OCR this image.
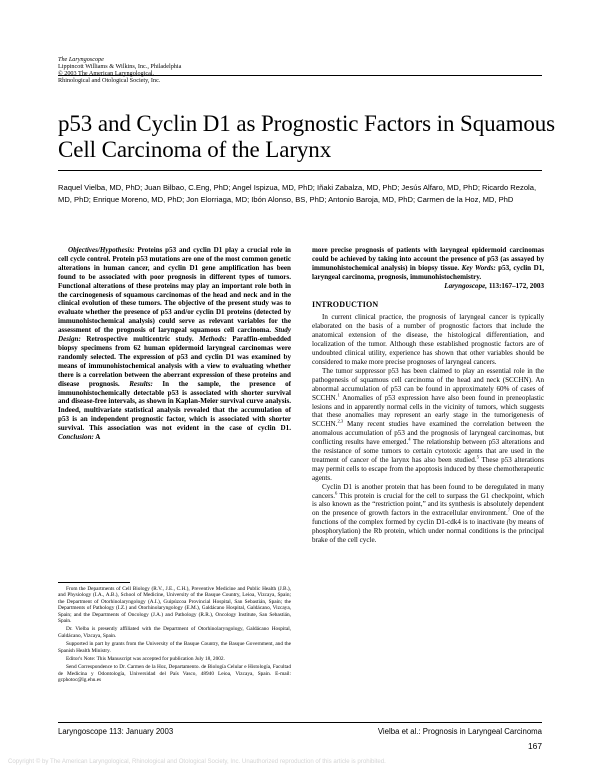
The Laryngoscope
Lippincott Williams & Wilkins, Inc., Philadelphia
© 2003 The American Laryngological,
Rhinological and Otological Society, Inc.
p53 and Cyclin D1 as Prognostic Factors in Squamous Cell Carcinoma of the Larynx
Raquel Vielba, MD, PhD; Juan Bilbao, C.Eng, PhD; Angel Ispizua, MD, PhD; Iñaki Zabalza, MD, PhD; Jesús Alfaro, MD, PhD; Ricardo Rezola, MD, PhD; Enrique Moreno, MD, PhD; Jon Elorriaga, MD; Ibón Alonso, BS, PhD; Antonio Baroja, MD, PhD; Carmen de la Hoz, MD, PhD

Objectives/Hypothesis: Proteins p53 and cyclin D1 play a crucial role in cell cycle control. Protein p53 mutations are one of the most common genetic alterations in human cancer, and cyclin D1 gene amplification has been found to be associated with poor prognosis in different types of tumors. Functional alterations of these proteins may play an important role both in the carcinogenesis of squamous carcinomas of the head and neck and in the clinical evolution of these tumors. The objective of the present study was to evaluate whether the presence of p53 and/or cyclin D1 proteins (detected by immunohistochemical analysis) could serve as relevant variables for the assessment of the prognosis of laryngeal squamous cell carcinoma. Study Design: Retrospective multicentric study. Methods: Paraffin-embedded biopsy specimens from 62 human epidermoid laryngeal carcinomas were randomly selected. The expression of p53 and cyclin D1 was examined by means of immunohistochemical analysis with a view to evaluating whether there is a correlation between the aberrant expression of these proteins and disease prognosis. Results: In the sample, the presence of immunohistochemically detectable p53 is associated with shorter survival and disease-free intervals, as shown in Kaplan-Meier survival curve analysis. Indeed, multivariate statistical analysis revealed that the accumulation of p53 is an independent prognostic factor, which is associated with shorter survival. This association was not evident in the case of cyclin D1. Conclusion: A

From the Departments of Cell Biology (R.V., J.E., C.H.), Preventive Medicine and Public Health (J.B.), and Physiology (I.A., A.B.), School of Medicine, University of the Basque Country, Leioa, Vizcaya, Spain; the Department of Otorhinolaryngology (A.I.), Guipúzcoa Provincial Hospital, San Sebastián, Spain; the Departments of Pathology (I.Z.) and Otorhinolaryngology (E.M.), Galdácano Hospital, Galdácano, Vizcaya, Spain; and the Departments of Oncology (J.A.) and Pathology (R.R.), Oncology Institute, San Sebastián, Spain.

Dr. Vielba is presently affiliated with the Department of Otorhinolaryngology, Galdácano Hospital, Galdácano, Vizcaya, Spain.

Supported in part by grants from the University of the Basque Country, the Basque Government, and the Spanish Health Ministry.

Editor's Note: This Manuscript was accepted for publication July 18, 2002.

Send Correspondence to Dr. Carmen de la Hoz, Departamento. de Biología Celular e Histología, Facultad de Medicina y Odontología, Universidad del País Vasco, 48940 Leioa, Vizcaya, Spain. E-mail: gcphotoc@lg.ehu.es

more precise prognosis of patients with laryngeal epidermoid carcinomas could be achieved by taking into account the presence of p53 (as assayed by immunohistochemical analysis) in biopsy tissue. Key Words: p53, cyclin D1, laryngeal carcinoma, prognosis, immunohistochemistry.

Laryngoscope, 113:167–172, 2003

INTRODUCTION

In current clinical practice, the prognosis of laryngeal cancer is typically elaborated on the basis of a number of prognostic factors that include the anatomical extension of the disease, the histological differentiation, and localization of the tumor. Although these established prognostic factors are of undoubted clinical utility, experience has shown that other variables should be considered to make more precise prognoses of laryngeal cancers.

The tumor suppressor p53 has been claimed to play an essential role in the pathogenesis of squamous cell carcinoma of the head and neck (SCCHN). An abnormal accumulation of p53 can be found in approximately 60% of cases of SCCHN.$^1$ Anomalies of p53 expression have also been found in preneoplastic lesions and in apparently normal cells in the vicinity of tumors, which suggests that these anomalies may represent an early stage in the tumorigenesis of SCCHN.$^{2,3}$ Many recent studies have examined the correlation between the anomalous accumulation of p53 and the prognosis of laryngeal carcinomas, but conflicting results have emerged.$^4$ The relationship between p53 alterations and the resistance of some tumors to certain cytotoxic agents that are used in the treatment of cancer of the larynx has also been studied.$^5$ These p53 alterations may permit cells to escape from the apoptosis induced by these chemotherapeutic agents.

Cyclin D1 is another protein that has been found to be deregulated in many cancers.$^6$ This protein is crucial for the cell to surpass the G1 checkpoint, which is also known as the “restriction point,” and its synthesis is absolutely dependent on the presence of growth factors in the extracellular environment.$^7$ One of the functions of the complex formed by cyclin D1-cdk4 is to inactivate (by means of phosphorylation) the Rb protein, which under normal conditions is the principal brake of the cell cycle.

Laryngoscope 113: January 2003	Vielba et al.: Prognosis in Laryngeal Carcinoma
167
Copyright © by The American Laryngological, Rhinological and Otological Society, Inc. Unauthorized reproduction of this article is prohibited.
